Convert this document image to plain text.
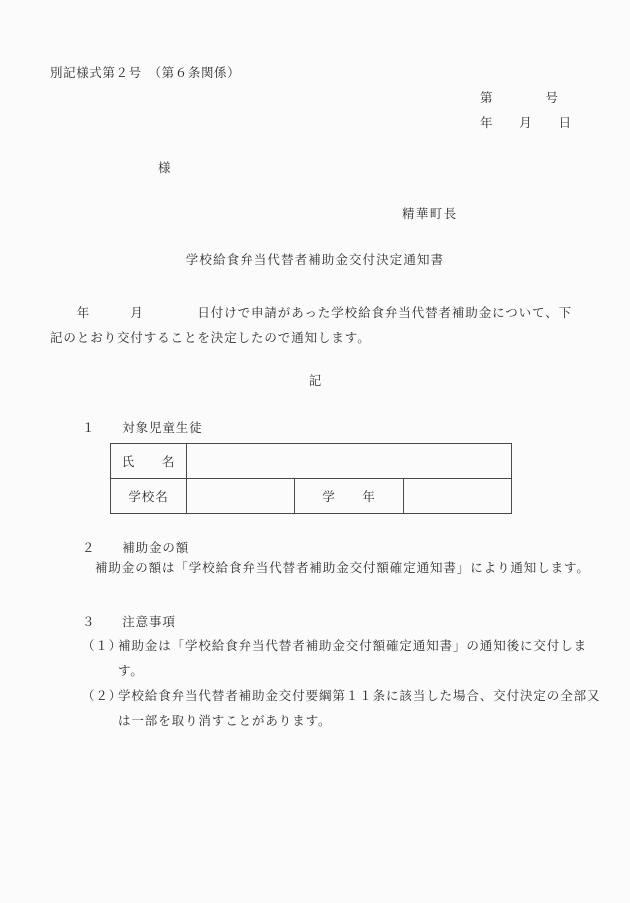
別記様式第２号　（第６条関係）
第　　　　号
年　　月　　日
様
精華町長
学校給食弁当代替者補助金交付決定通知書
　　年　　　月　　　　日付けで申請があった学校給食弁当代替者補助金について、下記のとおり交付することを決定したので通知します。
記
１　　対象児童生徒
氏　　名			
学校名		学　　年	
２　　補助金の額
補助金の額は「学校給食弁当代替者補助金交付額確定通知書」により通知します。
３　　注意事項
（１）
補助金は「学校給食弁当代替者補助金交付額確定通知書」の通知後に交付します。
（２）
学校給食弁当代替者補助金交付要綱第１１条に該当した場合、交付決定の全部又は一部を取り消すことがあります。
